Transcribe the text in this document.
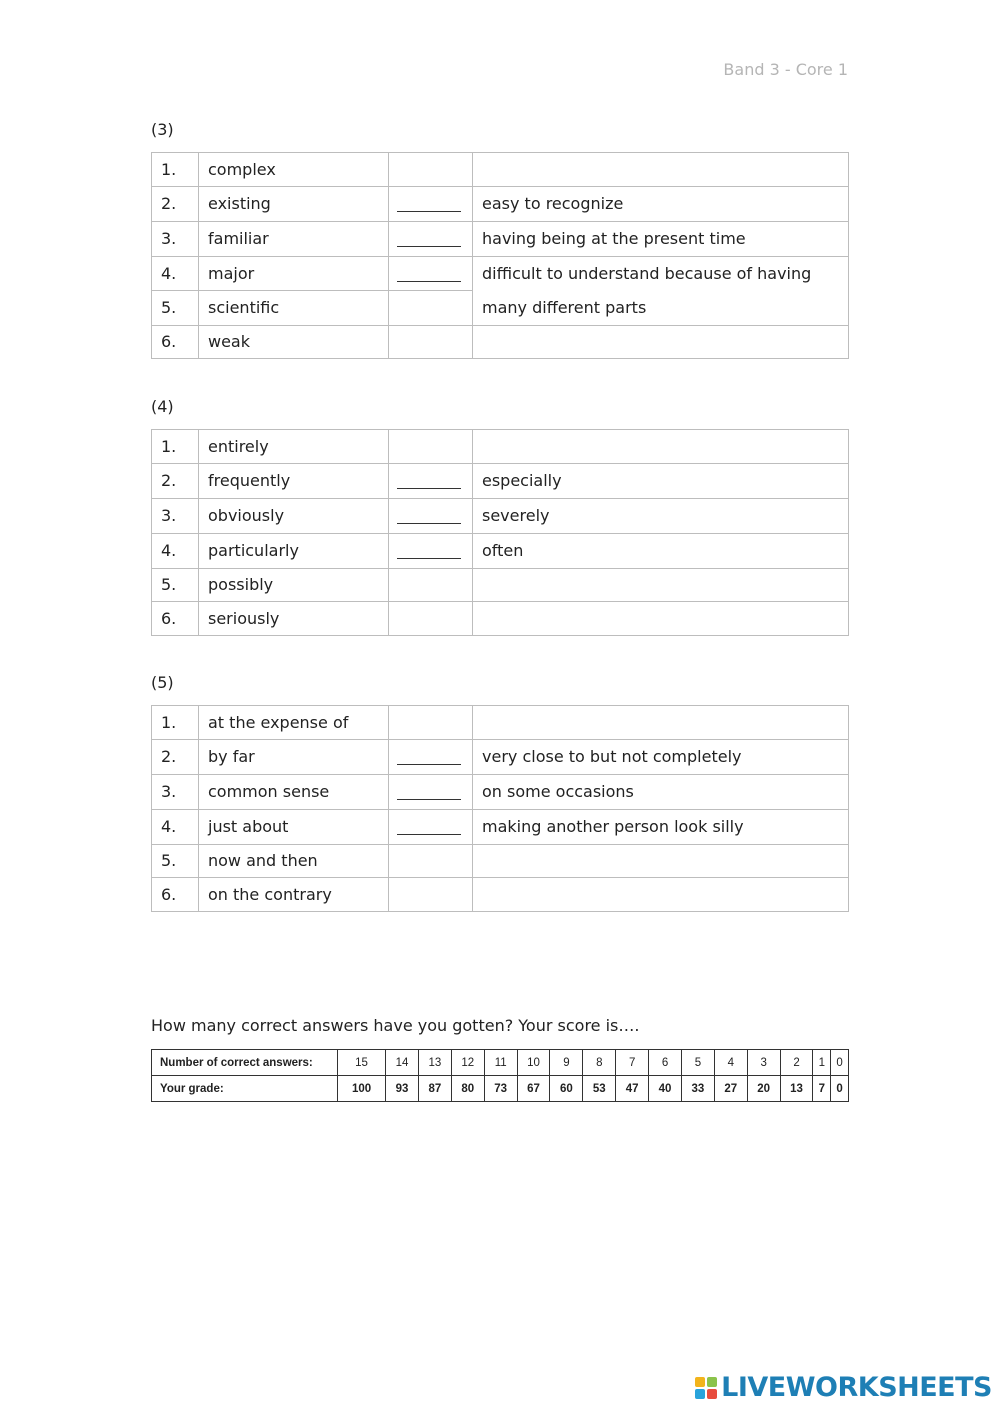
Band 3 - Core 1
(3)
1.	complex		
2.	existing		easy to recognize
3.	familiar		having being at the present time
4.	major		difficult to understand because of having many different parts
5.	scientific		
6.	weak		
(4)
1.	entirely		
2.	frequently		especially
3.	obviously		severely
4.	particularly		often
5.	possibly		
6.	seriously		
(5)
1.	at the expense of		
2.	by far		very close to but not completely
3.	common sense		on some occasions
4.	just about		making another person look silly
5.	now and then		
6.	on the contrary		
How many correct answers have you gotten? Your score is….
Number of correct answers:	15	14	13	12	11	10	9	8	7	6	5	4	3	2	1	0
Your grade:	100	93	87	80	73	67	60	53	47	40	33	27	20	13	7	0
LIVEWORKSHEETS
